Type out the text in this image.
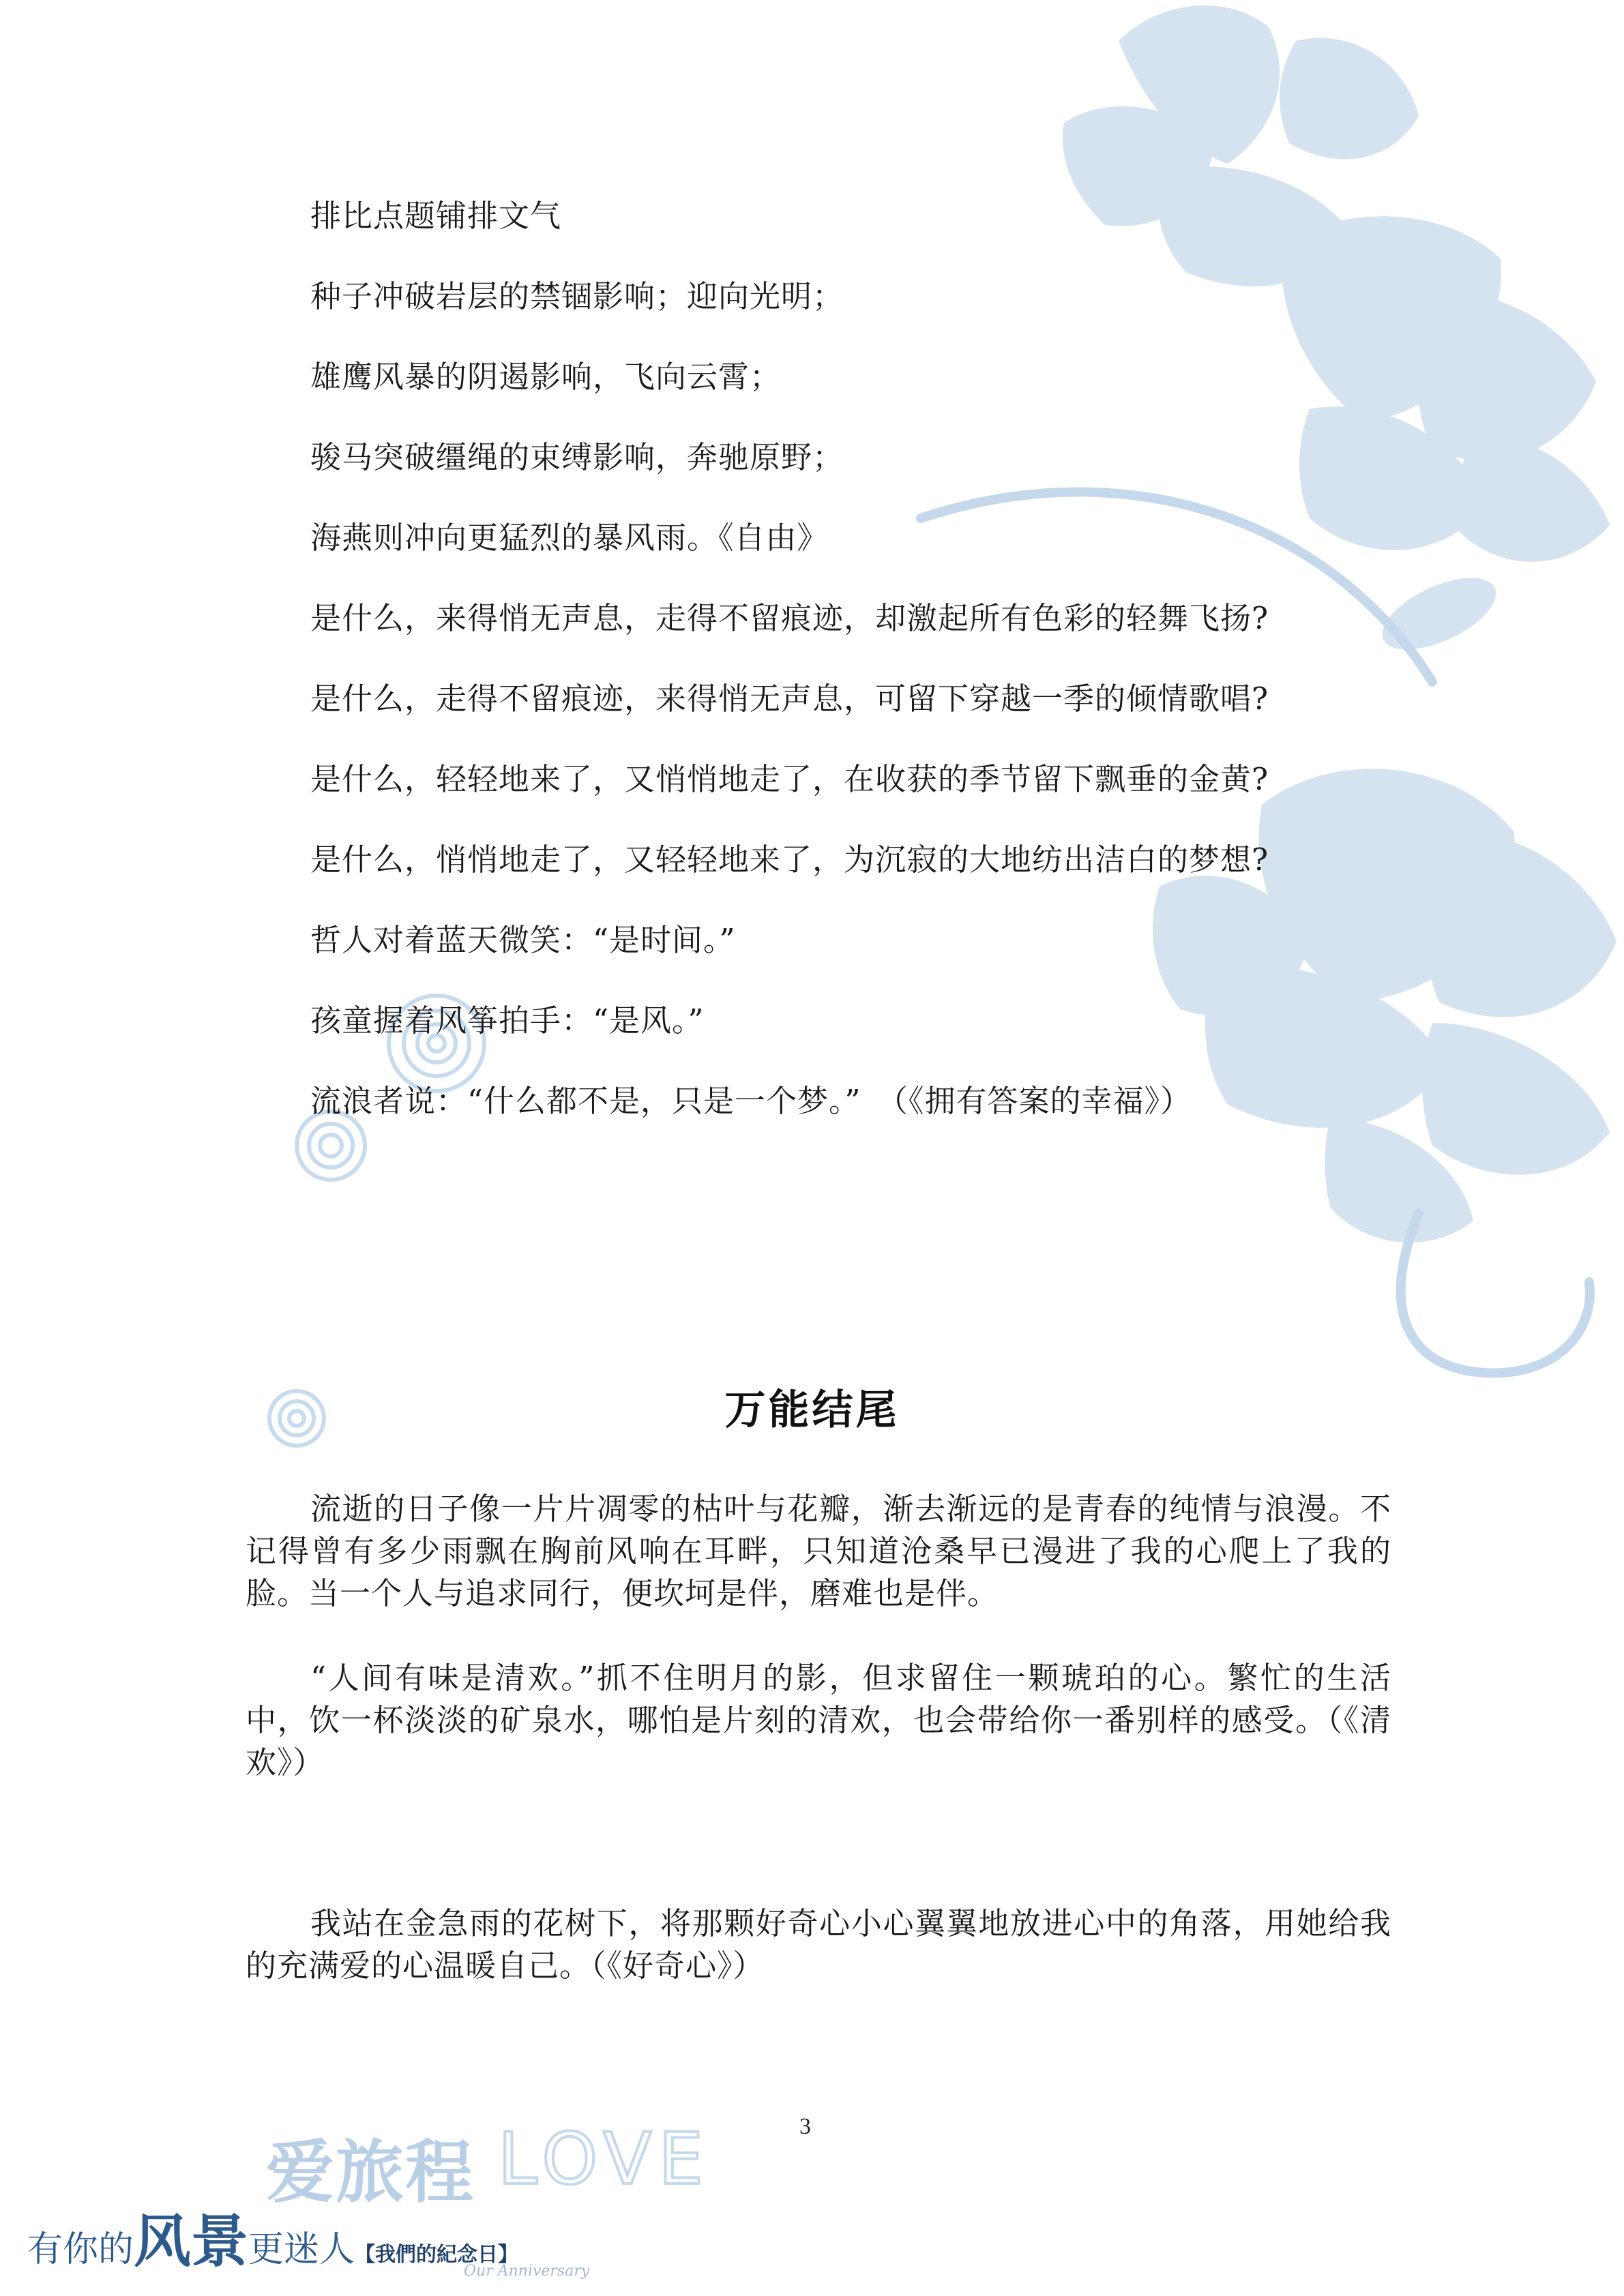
排比点题铺排文气
种子冲破岩层的禁锢影响；迎向光明；
雄鹰风暴的阴遏影响，飞向云霄；
骏马突破缰绳的束缚影响，奔驰原野；
海燕则冲向更猛烈的暴风雨。《自由》
是什么，来得悄无声息，走得不留痕迹，却激起所有色彩的轻舞飞扬?
是什么，走得不留痕迹，来得悄无声息，可留下穿越一季的倾情歌唱?
是什么，轻轻地来了，又悄悄地走了，在收获的季节留下飘垂的金黄?
是什么，悄悄地走了，又轻轻地来了，为沉寂的大地纺出洁白的梦想?
哲人对着蓝天微笑：“是时间。”
孩童握着风筝拍手：“是风。”
流浪者说：“什么都不是，只是一个梦。”　（《拥有答案的幸福》）
万能结尾
流逝的日子像一片片凋零的枯叶与花瓣，渐去渐远的是青春的纯情与浪漫。不记得曾有多少雨飘在胸前风响在耳畔，只知道沧桑早已漫进了我的心爬上了我的脸。当一个人与追求同行，便坎坷是伴，磨难也是伴。
“人间有味是清欢。”抓不住明月的影，但求留住一颗琥珀的心。繁忙的生活中，饮一杯淡淡的矿泉水，哪怕是片刻的清欢，也会带给你一番别样的感受。（《清欢》）
我站在金急雨的花树下，将那颗好奇心小心翼翼地放进心中的角落，用她给我的充满爱的心温暖自己。（《好奇心》）
3
爱旅程 LOVE
有你的风景更迷人【我們的紀念日】
Our Anniversary
